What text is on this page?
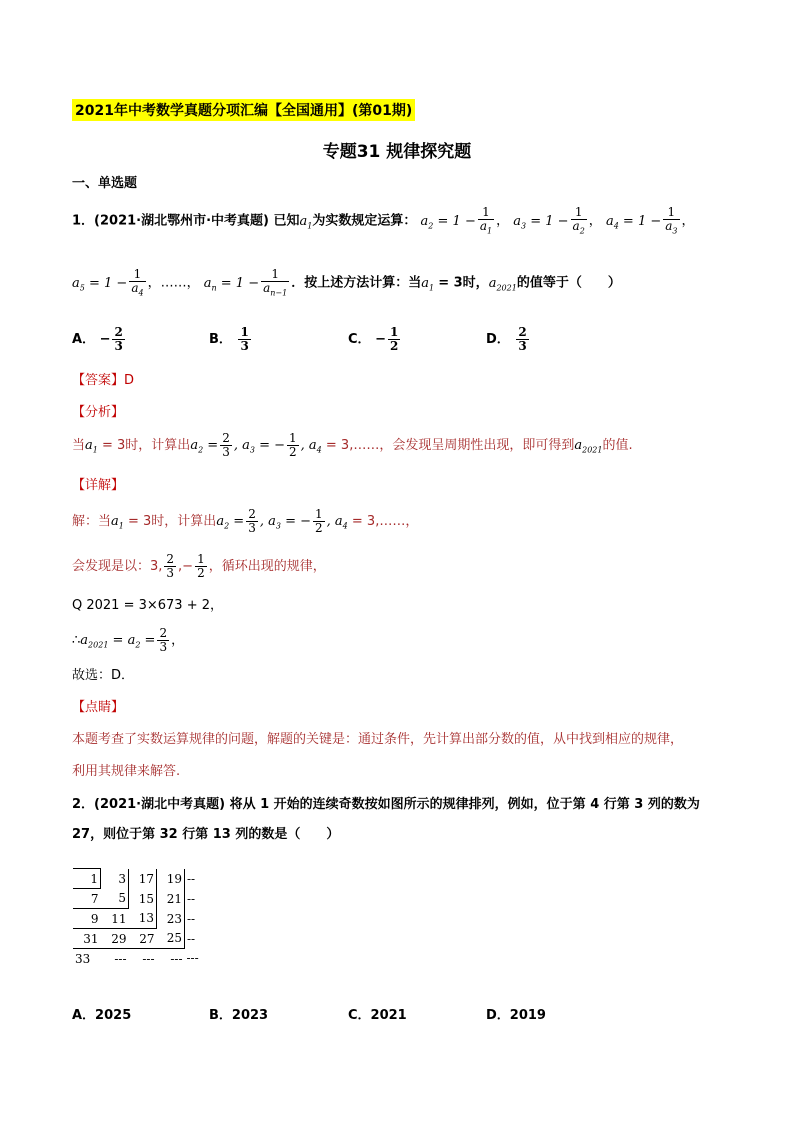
2021年中考数学真题分项汇编【全国通用】(第01期)
专题31 规律探究题
一、单选题
1．(2021·湖北鄂州市·中考真题) 已知$a_1$为实数规定运算： $a_2 = 1 - \frac{1}{a_1}$ ， $a_3 = 1 - \frac{1}{a_2}$ ， $a_4 = 1 - \frac{1}{a_3}$ ，
$a_5 = 1 - \frac{1}{a_4}$ ，……， $a_n = 1 - \frac{1}{a_{n-1}}$ ．按上述方法计算：当$a_1 = 3$时，$a_{2021}$的值等于（　　）
A． − $\frac{2}{3}$	B． $\frac{1}{3}$	C． − $\frac{1}{2}$	D． $\frac{2}{3}$
【答案】D
【分析】
当$a_1 = 3$时，计算出$a_2 = \frac{2}{3}$ , $a_3$ = − $\frac{1}{2}$ , $a_4$ = 3,……，会发现呈周期性出现，即可得到$a_{2021}$的值.
【详解】
解：当$a_1 = 3$时，计算出$a_2 = \frac{2}{3}$ , $a_3$ = − $\frac{1}{2}$ , $a_4$ = 3,……，
会发现是以：3, $\frac{2}{3}$ ,− $\frac{1}{2}$ ，循环出现的规律，
Q 2021 = 3×673 + 2，
$\therefore a_{2021} = a_2 = \frac{2}{3}$ ，
故选：D．
【点睛】
本题考查了实数运算规律的问题，解题的关键是：通过条件，先计算出部分数的值，从中找到相应的规律，
利用其规律来解答.
2．(2021·湖北中考真题) 将从 1 开始的连续奇数按如图所示的规律排列，例如，位于第 4 行第 3 列的数为
27，则位于第 32 行第 13 列的数是（　　）
1	3	17	19	--
7	5	15	21	--
9	11	13	23	--
31	29	27	25	--
33	---	---	---	---
A．2025	B．2023	C．2021	D．2019
